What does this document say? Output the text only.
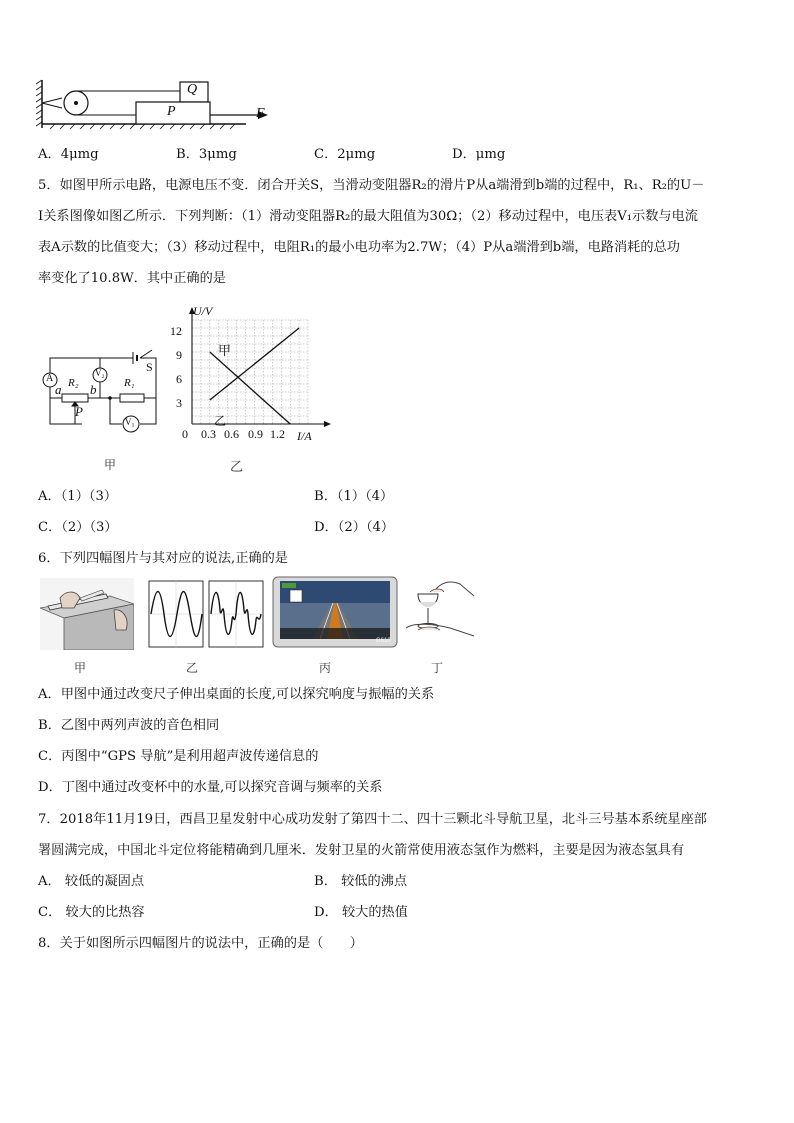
Q
P	F
A．4μmg	B．3μmg	C．2μmg	D．μmg
5．如图甲所示电路，电源电压不变．闭合开关S，当滑动变阻器R₂的滑片P从a端滑到b端的过程中，R₁、R₂的U－
I关系图像如图乙所示．下列判断：（1）滑动变阻器R₂的最大阻值为30Ω；（2）移动过程中，电压表V₁示数与电流
表A示数的比值变大；（3）移动过程中，电阻R₁的最小电功率为2.7W；（4）P从a端滑到b端，电路消耗的总功
率变化了10.8W．其中正确的是
A	V₂
V₁
S
a b
R₂	R₁
P
甲
U/V
I/A
0 0.3 0.6 0.9 1.2
3
6
9
12
甲
乙
乙
A．（1）（3）	B．（1）（4）
C．（2）（3）	D．（2）（4）
6．下列四幅图片与其对应的说法,正确的是
甲	乙
G610
丙	丁
A．甲图中通过改变尺子伸出桌面的长度,可以探究响度与振幅的关系
B．乙图中两列声波的音色相同
C．丙图中“GPS 导航”是利用超声波传递信息的
D．丁图中通过改变杯中的水量,可以探究音调与频率的关系
7．2018年11月19日，西昌卫星发射中心成功发射了第四十二、四十三颗北斗导航卫星，北斗三号基本系统星座部
署圆满完成，中国北斗定位将能精确到几厘米．发射卫星的火箭常使用液态氢作为燃料，主要是因为液态氢具有
A． 较低的凝固点	B． 较低的沸点
C． 较大的比热容	D． 较大的热值
8．关于如图所示四幅图片的说法中，正确的是（　　）
